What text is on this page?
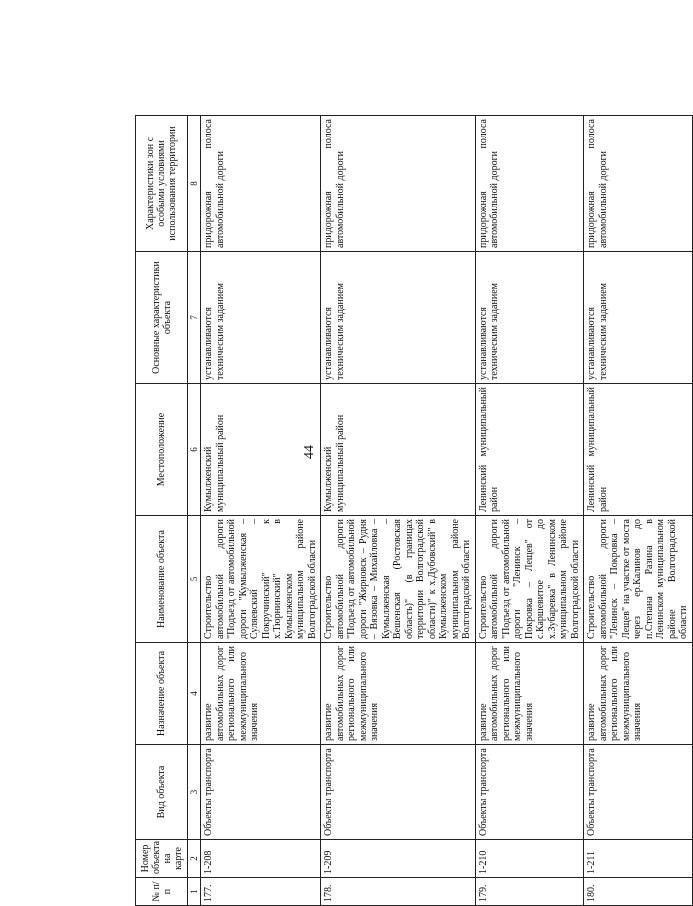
44
№ п/п	Номер объекта на карте	Вид объекта	Назначение объекта	Наименование объекта	Местоположение	Основные характеристики объекта	Характеристики зон с особыми условиями использования территории
1	2	3	4	5	6	7	8
177.	1-208	Объекты транспорта	развитие автомобильных дорог регионального или межмуниципального значения	Строительство автомобильной дороги "Подъезд от автомобильной дороги "Кумылженская – Суляевский – Покручинский" к х.Тюрнинский" в Кумылженском муниципальном районе Волгоградской области	Кумылженский муниципальный район	устанавливаются техническим заданием	придорожная полоса автомобильной дороги
178.	1-209	Объекты транспорта	развитие автомобильных дорог регионального или межмуниципального значения	Строительство автомобильной дороги "Подъезд от автомобильной дороги "Жирновск – Рудня – Вязовка – Михайловка – Кумылженская – Вешенская (Ростовская область)" (в границах территории Волгоградской области)" к х.Дубовский" в Кумылженском муниципальном районе Волгоградской области	Кумылженский муниципальный район	устанавливаются техническим заданием	придорожная полоса автомобильной дороги
179.	1-210	Объекты транспорта	развитие автомобильных дорог регионального или межмуниципального значения	Строительство автомобильной дороги "Подъезд от автомобильной дороги "Ленинск – Покровка – Лещев" от с.Каршевитое до х.Зубаревка" в Ленинском муниципальном районе Волгоградской области	Ленинский муниципальный район	устанавливаются техническим заданием	придорожная полоса автомобильной дороги
180.	1-211	Объекты транспорта	развитие автомобильных дорог регионального или межмуниципального значения	Строительство автомобильной дороги "Ленинск – Покровка – Лещев" на участке от моста через ер.Калинов до п.Степана Разина в Ленинском муниципальном районе Волгоградской области	Ленинский муниципальный район	устанавливаются техническим заданием	придорожная полоса автомобильной дороги
